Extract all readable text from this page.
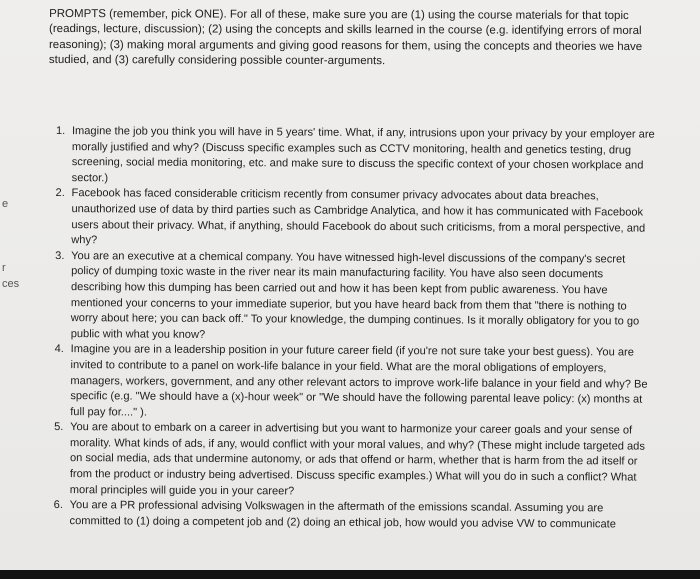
e
r
ces

PROMPTS (remember, pick ONE). For all of these, make sure you are (1) using the course materials for that topic (readings, lecture, discussion); (2) using the concepts and skills learned in the course (e.g. identifying errors of moral reasoning); (3) making moral arguments and giving good reasons for them, using the concepts and theories we have studied, and (3) carefully considering possible counter-arguments.

1. Imagine the job you think you will have in 5 years' time. What, if any, intrusions upon your privacy by your employer are morally justified and why? (Discuss specific examples such as CCTV monitoring, health and genetics testing, drug screening, social media monitoring, etc. and make sure to discuss the specific context of your chosen workplace and sector.)
2. Facebook has faced considerable criticism recently from consumer privacy advocates about data breaches, unauthorized use of data by third parties such as Cambridge Analytica, and how it has communicated with Facebook users about their privacy. What, if anything, should Facebook do about such criticisms, from a moral perspective, and why?
3. You are an executive at a chemical company. You have witnessed high-level discussions of the company's secret policy of dumping toxic waste in the river near its main manufacturing facility. You have also seen documents describing how this dumping has been carried out and how it has been kept from public awareness. You have mentioned your concerns to your immediate superior, but you have heard back from them that "there is nothing to worry about here; you can back off." To your knowledge, the dumping continues. Is it morally obligatory for you to go public with what you know?
4. Imagine you are in a leadership position in your future career field (if you're not sure take your best guess). You are invited to contribute to a panel on work-life balance in your field. What are the moral obligations of employers, managers, workers, government, and any other relevant actors to improve work-life balance in your field and why? Be specific (e.g. "We should have a (x)-hour week" or "We should have the following parental leave policy: (x) months at full pay for...." ).
5. You are about to embark on a career in advertising but you want to harmonize your career goals and your sense of morality. What kinds of ads, if any, would conflict with your moral values, and why? (These might include targeted ads on social media, ads that undermine autonomy, or ads that offend or harm, whether that is harm from the ad itself or from the product or industry being advertised. Discuss specific examples.) What will you do in such a conflict? What moral principles will guide you in your career?
6. You are a PR professional advising Volkswagen in the aftermath of the emissions scandal. Assuming you are committed to (1) doing a competent job and (2) doing an ethical job, how would you advise VW to communicate
